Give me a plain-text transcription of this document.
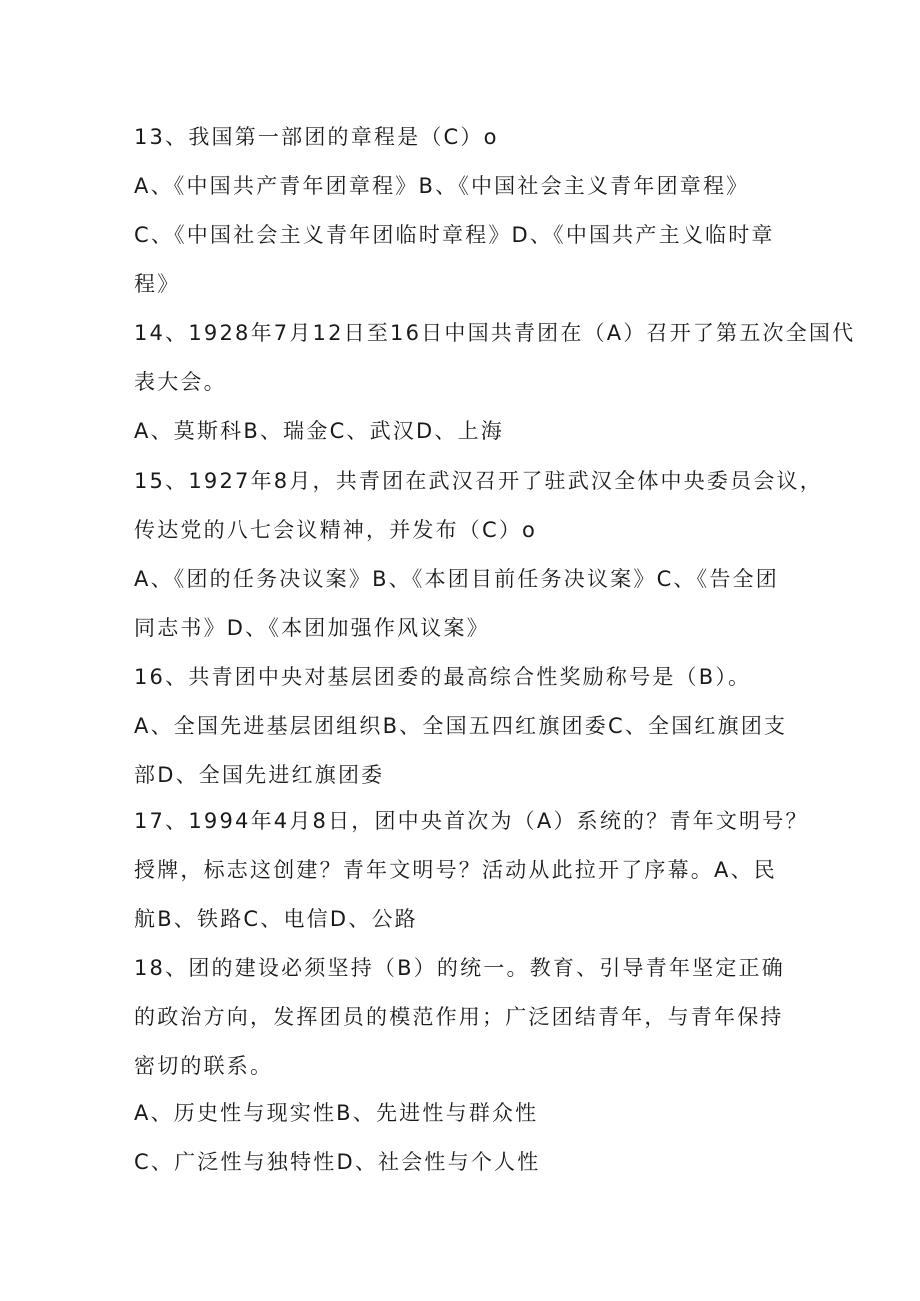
13、我国第一部团的章程是（C）o
A、《中国共产青年团章程》B、《中国社会主义青年团章程》
C、《中国社会主义青年团临时章程》D、《中国共产主义临时章
程》
14、1928年7月12日至16日中国共青团在（A）召开了第五次全国代
表大会。
A、莫斯科B、瑞金C、武汉D、上海
15、1927年8月，共青团在武汉召开了驻武汉全体中央委员会议，
传达党的八七会议精神，并发布（C）o
A、《团的任务决议案》B、《本团目前任务决议案》C、《告全团
同志书》D、《本团加强作风议案》
16、共青团中央对基层团委的最高综合性奖励称号是（B）。
A、全国先进基层团组织B、全国五四红旗团委C、全国红旗团支
部D、全国先进红旗团委
17、1994年4月8日，团中央首次为（A）系统的？青年文明号？
授牌，标志这创建？青年文明号？活动从此拉开了序幕。A、民
航B、铁路C、电信D、公路
18、团的建设必须坚持（B）的统一。教育、引导青年坚定正确
的政治方向，发挥团员的模范作用；广泛团结青年，与青年保持
密切的联系。
A、历史性与现实性B、先进性与群众性
C、广泛性与独特性D、社会性与个人性
